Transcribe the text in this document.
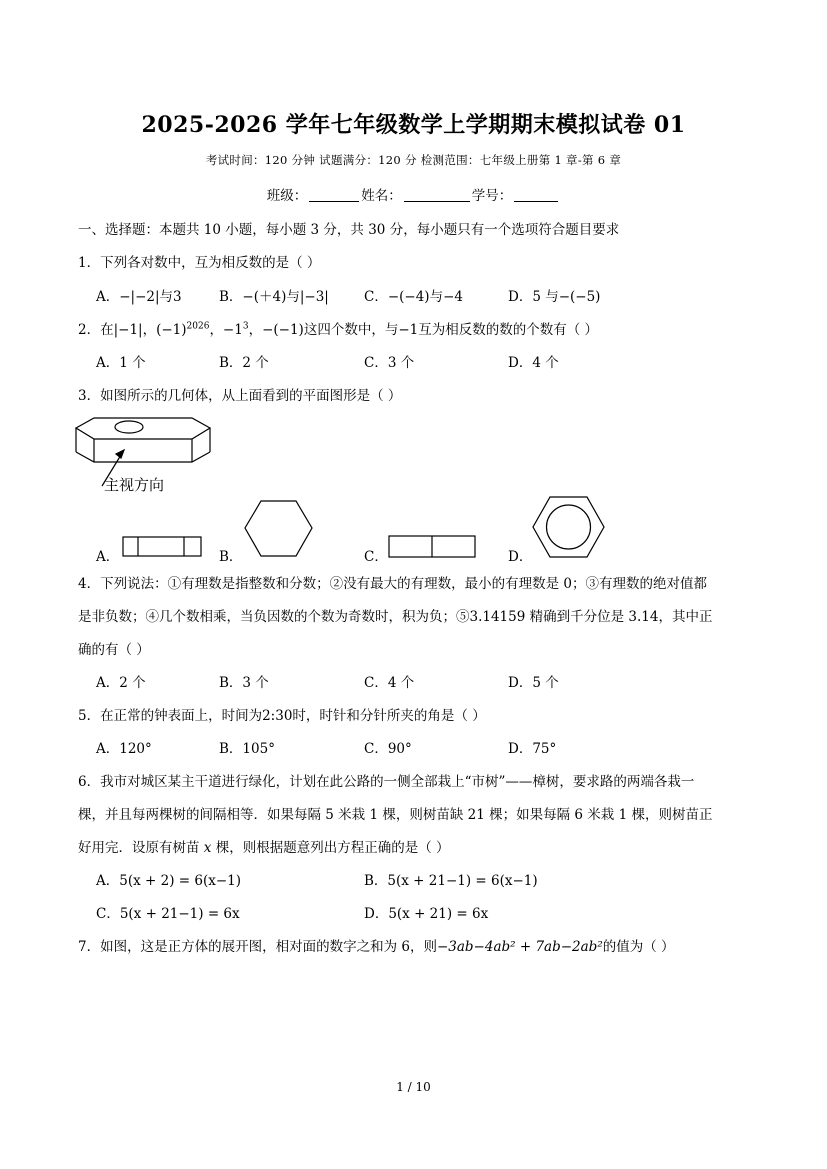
2025-2026 学年七年级数学上学期期末模拟试卷 01
考试时间：120 分钟 试题满分：120 分 检测范围：七年级上册第 1 章-第 6 章
班级：	姓名：	学号：
一、选择题：本题共 10 小题，每小题 3 分，共 30 分，每小题只有一个选项符合题目要求
1．下列各对数中，互为相反数的是（ ）
A．−|−2|与3	B．−(＋4)与|−3|	C．−(−4)与−4	D．5 与−(−5)
2．在|−1|，$(-1)^{2026}$，$-1^3$，−(−1)这四个数中，与−1互为相反数的数的个数有（ ）
A．1 个	B．2 个	C．3 个	D．4 个
3．如图所示的几何体，从上面看到的平面图形是（ ）
主视方向
A．	B．	C．	D．
4．下列说法：①有理数是指整数和分数；②没有最大的有理数，最小的有理数是 0；③有理数的绝对值都
是非负数；④几个数相乘，当负因数的个数为奇数时，积为负；⑤3.14159 精确到千分位是 3.14，其中正
确的有（ ）
A．2 个	B．3 个	C．4 个	D．5 个
5．在正常的钟表面上，时间为2:30时，时针和分针所夹的角是（ ）
A．120°	B．105°	C．90°	D．75°
6．我市对城区某主干道进行绿化，计划在此公路的一侧全部栽上“市树”——樟树，要求路的两端各栽一
棵，并且每两棵树的间隔相等．如果每隔 5 米栽 1 棵，则树苗缺 21 棵；如果每隔 6 米栽 1 棵，则树苗正
好用完．设原有树苗 x 棵，则根据题意列出方程正确的是（ ）
A．5(x + 2) = 6(x−1)	B．5(x + 21−1) = 6(x−1)
C．5(x + 21−1) = 6x	D．5(x + 21) = 6x
7．如图，这是正方体的展开图，相对面的数字之和为 6，则−3ab−4ab² + 7ab−2ab²的值为（ ）
1 / 10
